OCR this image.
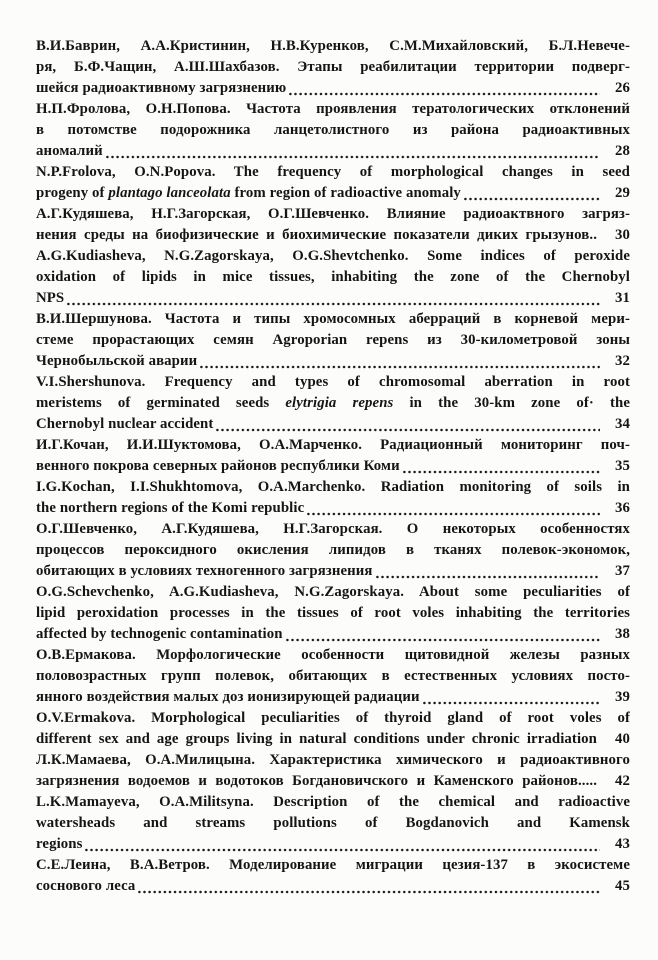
В.И.Баврин, А.А.Кристинин, Н.В.Куренков, С.М.Михайловский, Б.Л.Невече-
ря, Б.Ф.Чащин, А.Ш.Шахбазов. Этапы реабилитации территории подверг-
шейся радиоактивному загрязнению	26
Н.П.Фролова, О.Н.Попова. Частота проявления тератологических отклонений
в потомстве подорожника ланцетолистного из района радиоактивных
аномалий	28
N.P.Frolova, O.N.Popova. The frequency of morphological changes in seed
progeny of plantago lanceolata from region of radioactive anomaly	29
А.Г.Кудяшева, Н.Г.Загорская, О.Г.Шевченко. Влияние радиоактвного загряз-
нения среды на биофизические и биохимические показатели диких грызунов..	30
A.G.Kudiasheva, N.G.Zagorskaya, O.G.Shevtchenko. Some indices of peroxide
oxidation of lipids in mice tissues, inhabiting the zone of the Chernobyl
NPS	31
В.И.Шершунова. Частота и типы хромосомных аберраций в корневой мери-
стеме прорастающих семян Agroporian repens из 30-километровой зоны
Чернобыльской аварии	32
V.I.Shershunova. Frequency and types of chromosomal aberration in root
meristems of germinated seeds elytrigia repens in the 30-km zone of· the
Chernobyl nuclear accident	34
И.Г.Кочан, И.И.Шуктомова, О.А.Марченко. Радиационный мониторинг поч-
венного покрова северных районов республики Коми	35
I.G.Kochan, I.I.Shukhtomova, O.A.Marchenko. Radiation monitoring of soils in
the northern regions of the Komi republic	36
О.Г.Шевченко, А.Г.Кудяшева, Н.Г.Загорская. О некоторых особенностях
процессов пероксидного окисления липидов в тканях полевок-экономок,
обитающих в условиях техногенного загрязнения	37
O.G.Schevchenko, A.G.Kudiasheva, N.G.Zagorskaya. About some peculiarities of
lipid peroxidation processes in the tissues of root voles inhabiting the territories
affected by technogenic contamination	38
О.В.Ермакова. Морфологические особенности щитовидной железы разных
половозрастных групп полевок, обитающих в естественных условиях посто-
янного воздействия малых доз ионизирующей радиации	39
O.V.Ermakova. Morphological peculiarities of thyroid gland of root voles of
different sex and age groups living in natural conditions under chronic irradiation	40
Л.К.Мамаева, О.А.Милицына. Характеристика химического и радиоактивного
загрязнения водоемов и водотоков Богдановичского и Каменского районов.....	42
L.K.Mamayeva, O.A.Militsyna. Description of the chemical and radioactive
watersheads and streams pollutions of Bogdanovich and Kamensk
regions	43
С.Е.Леина, В.А.Ветров. Моделирование миграции цезия-137 в экосистеме
соснового леса	45
